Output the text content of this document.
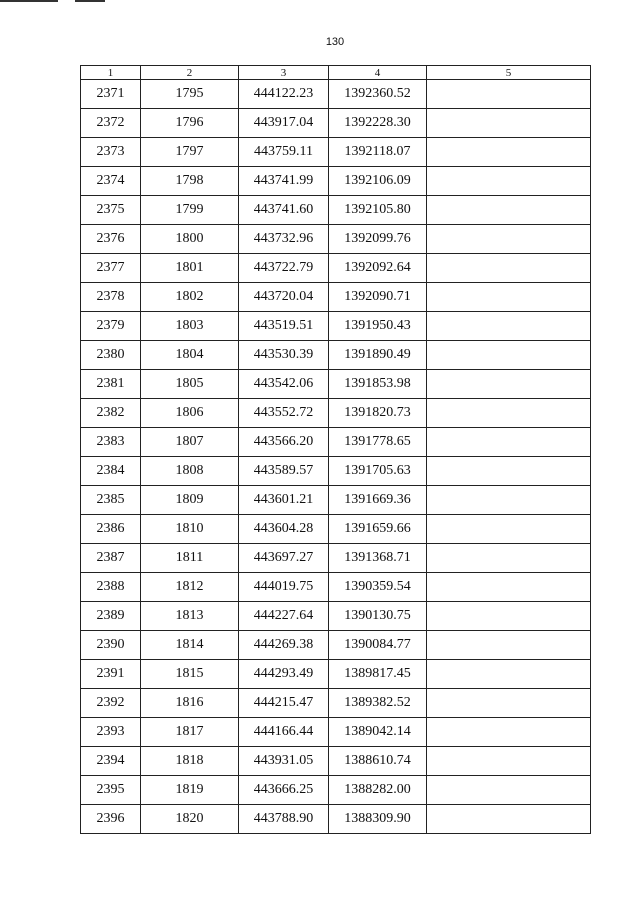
130
1	2	3	4	5
2371	1795	444122.23	1392360.52	
2372	1796	443917.04	1392228.30	
2373	1797	443759.11	1392118.07	
2374	1798	443741.99	1392106.09	
2375	1799	443741.60	1392105.80	
2376	1800	443732.96	1392099.76	
2377	1801	443722.79	1392092.64	
2378	1802	443720.04	1392090.71	
2379	1803	443519.51	1391950.43	
2380	1804	443530.39	1391890.49	
2381	1805	443542.06	1391853.98	
2382	1806	443552.72	1391820.73	
2383	1807	443566.20	1391778.65	
2384	1808	443589.57	1391705.63	
2385	1809	443601.21	1391669.36	
2386	1810	443604.28	1391659.66	
2387	1811	443697.27	1391368.71	
2388	1812	444019.75	1390359.54	
2389	1813	444227.64	1390130.75	
2390	1814	444269.38	1390084.77	
2391	1815	444293.49	1389817.45	
2392	1816	444215.47	1389382.52	
2393	1817	444166.44	1389042.14	
2394	1818	443931.05	1388610.74	
2395	1819	443666.25	1388282.00	
2396	1820	443788.90	1388309.90	
